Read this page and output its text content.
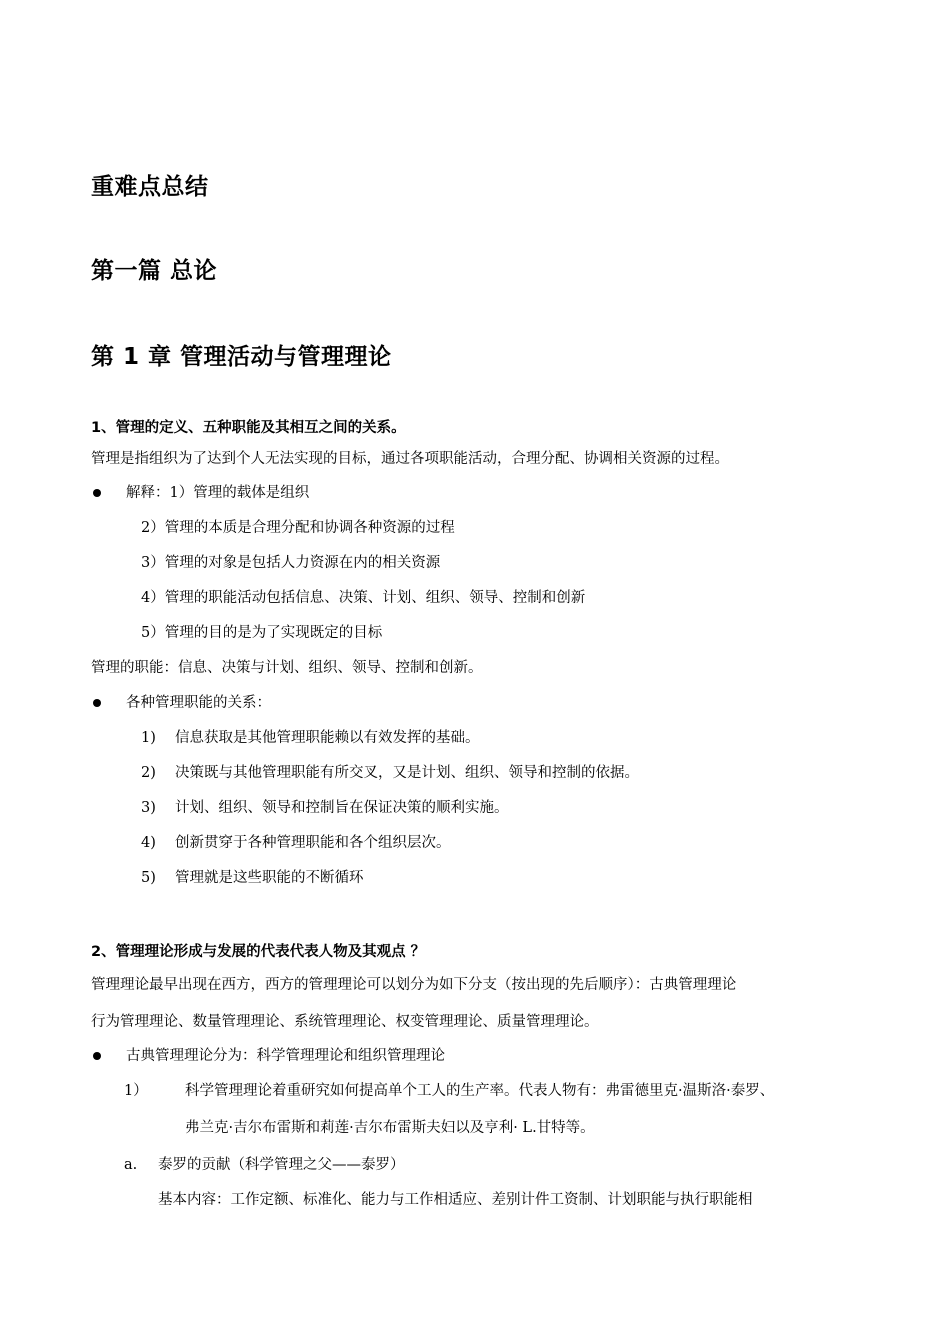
重难点总结
第一篇 总论
第 1 章 管理活动与管理理论
1、管理的定义、五种职能及其相互之间的关系。
管理是指组织为了达到个人无法实现的目标，通过各项职能活动，合理分配、协调相关资源的过程。
解释：1）管理的载体是组织
2）管理的本质是合理分配和协调各种资源的过程
3）管理的对象是包括人力资源在内的相关资源
4）管理的职能活动包括信息、决策、计划、组织、领导、控制和创新
5）管理的目的是为了实现既定的目标
管理的职能：信息、决策与计划、组织、领导、控制和创新。
各种管理职能的关系：
1) 信息获取是其他管理职能赖以有效发挥的基础。
2) 决策既与其他管理职能有所交叉，又是计划、组织、领导和控制的依据。
3) 计划、组织、领导和控制旨在保证决策的顺利实施。
4) 创新贯穿于各种管理职能和各个组织层次。
5) 管理就是这些职能的不断循环
2、管理理论形成与发展的代表代表人物及其观点 ？
管理理论最早出现在西方，西方的管理理论可以划分为如下分支（按出现的先后顺序）：古典管理理论
行为管理理论、数量管理理论、系统管理理论、权变管理理论、质量管理理论。
古典管理理论分为：科学管理理论和组织管理理论
1）	科学管理理论着重研究如何提高单个工人的生产率。代表人物有：弗雷德里克·温斯洛·泰罗、
弗兰克·吉尔布雷斯和莉莲·吉尔布雷斯夫妇以及亨利· L.甘特等。
a. 泰罗的贡献（科学管理之父——泰罗）
基本内容：工作定额、标准化、能力与工作相适应、差别计件工资制、计划职能与执行职能相
